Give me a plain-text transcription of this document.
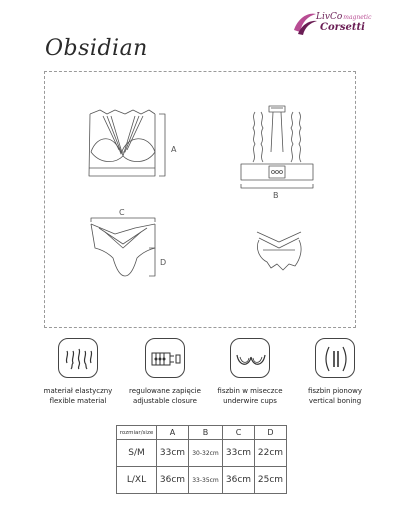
LivComagnetic
Corsetti
Obsidian
A
B
C
D
materiał elastyczny
flexible material
regulowane zapięcie
adjustable closure
fiszbin w miseczce
underwire cups
fiszbin pionowy
vertical boning
rozmiar/size	A	B	C	D
S/M	33cm	30-32cm	33cm	22cm
L/XL	36cm	33-35cm	36cm	25cm
